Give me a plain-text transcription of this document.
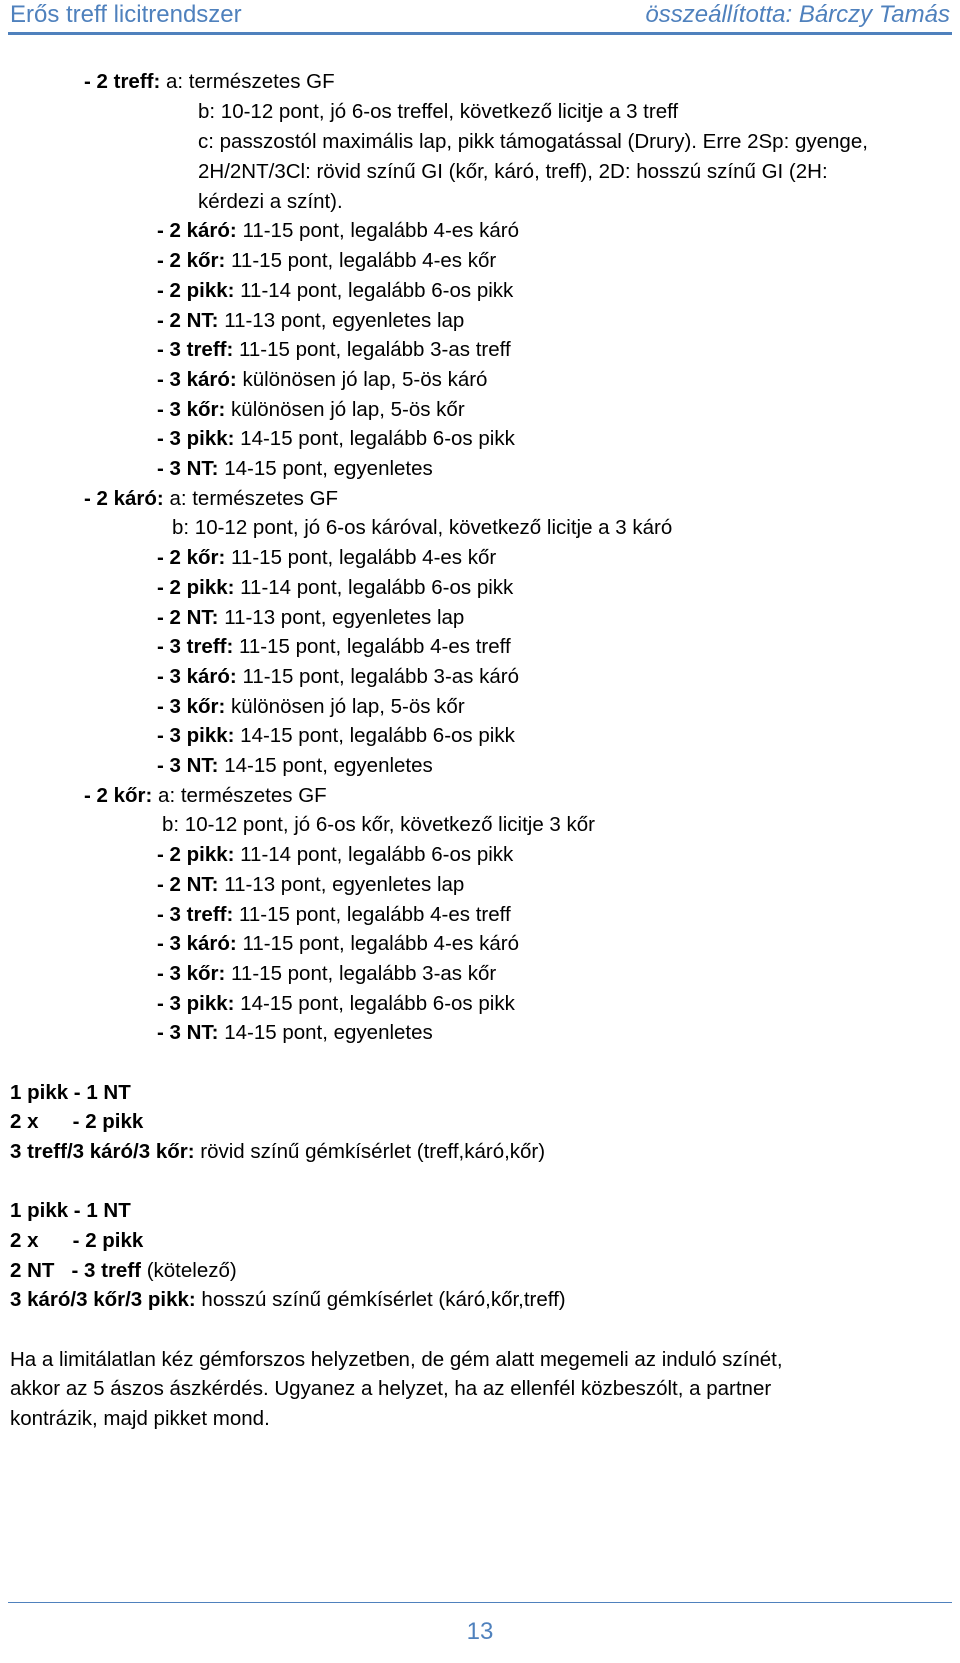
Erős treff licitrendszer	összeállította: Bárczy Tamás
- 2 treff: a: természetes GF
b: 10-12 pont, jó 6-os treffel, következő licitje a 3 treff
c: passzostól maximális lap, pikk támogatással (Drury). Erre 2Sp: gyenge,
2H/2NT/3Cl: rövid színű GI (kőr, káró, treff), 2D: hosszú színű GI (2H:
kérdezi a színt).
- 2 káró: 11-15 pont, legalább 4-es káró
- 2 kőr: 11-15 pont, legalább 4-es kőr
- 2 pikk: 11-14 pont, legalább 6-os pikk
- 2 NT: 11-13 pont, egyenletes lap
- 3 treff: 11-15 pont, legalább 3-as treff
- 3 káró: különösen jó lap, 5-ös káró
- 3 kőr: különösen jó lap, 5-ös kőr
- 3 pikk: 14-15 pont, legalább 6-os pikk
- 3 NT: 14-15 pont, egyenletes
- 2 káró: a: természetes GF
b: 10-12 pont, jó 6-os káróval, következő licitje a 3 káró
- 2 kőr: 11-15 pont, legalább 4-es kőr
- 2 pikk: 11-14 pont, legalább 6-os pikk
- 2 NT: 11-13 pont, egyenletes lap
- 3 treff: 11-15 pont, legalább 4-es treff
- 3 káró: 11-15 pont, legalább 3-as káró
- 3 kőr: különösen jó lap, 5-ös kőr
- 3 pikk: 14-15 pont, legalább 6-os pikk
- 3 NT: 14-15 pont, egyenletes
- 2 kőr: a: természetes GF
b: 10-12 pont, jó 6-os kőr, következő licitje 3 kőr
- 2 pikk: 11-14 pont, legalább 6-os pikk
- 2 NT: 11-13 pont, egyenletes lap
- 3 treff: 11-15 pont, legalább 4-es treff
- 3 káró: 11-15 pont, legalább 4-es káró
- 3 kőr: 11-15 pont, legalább 3-as kőr
- 3 pikk: 14-15 pont, legalább 6-os pikk
- 3 NT: 14-15 pont, egyenletes
1 pikk - 1 NT
2 x      - 2 pikk
3 treff/3 káró/3 kőr: rövid színű gémkísérlet (treff,káró,kőr)
1 pikk - 1 NT
2 x      - 2 pikk
2 NT   - 3 treff (kötelező)
3 káró/3 kőr/3 pikk: hosszú színű gémkísérlet (káró,kőr,treff)
Ha a limitálatlan kéz gémforszos helyzetben, de gém alatt megemeli az induló színét,
akkor az 5 ászos ászkérdés. Ugyanez a helyzet, ha az ellenfél közbeszólt, a partner
kontrázik, majd pikket mond.
13
